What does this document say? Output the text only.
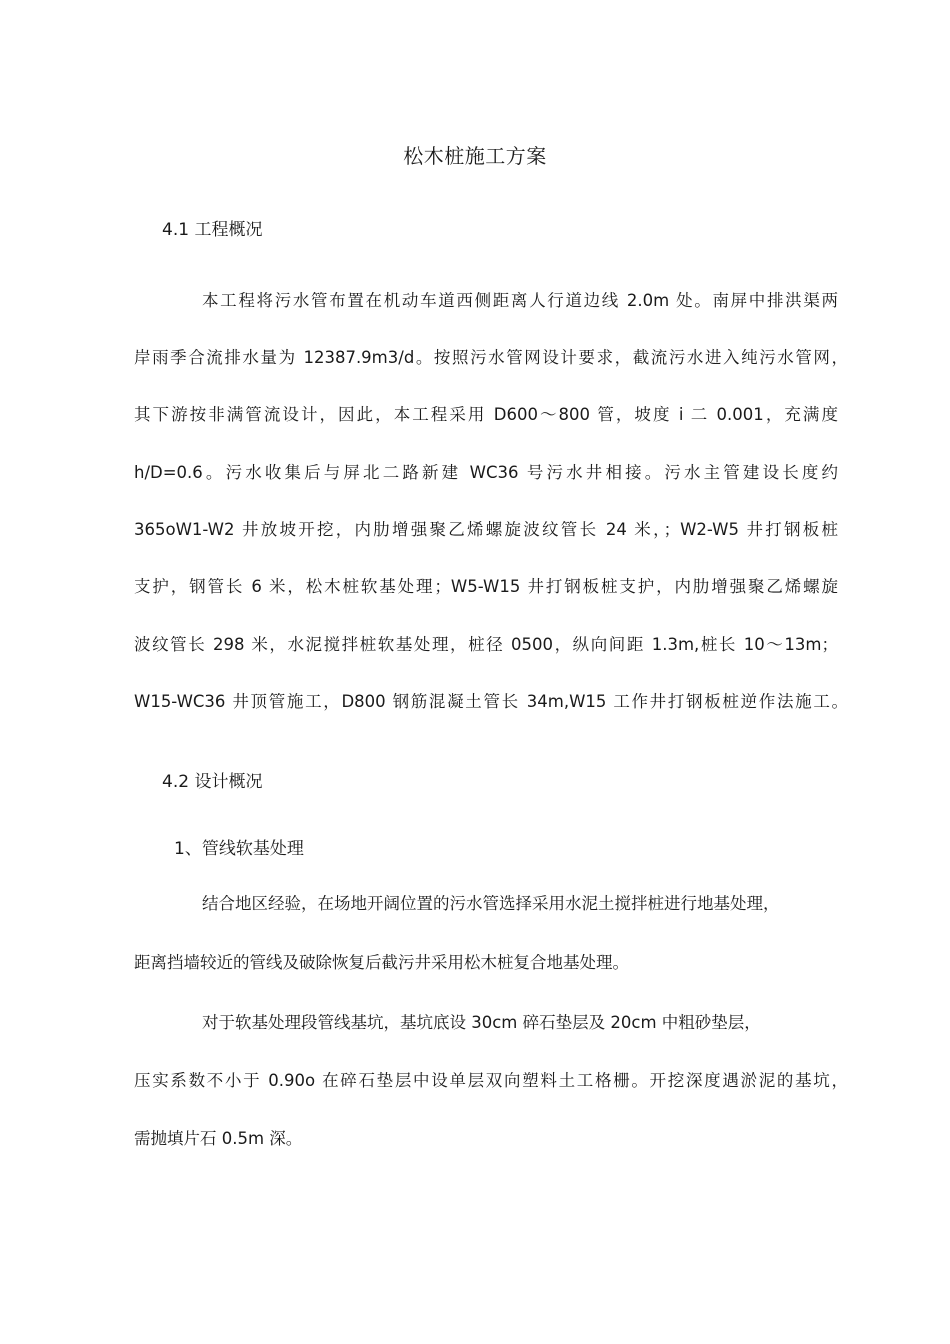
松木桩施工方案
4.1 工程概况
本工程将污水管布置在机动车道西侧距离人行道边线 2.0m 处。南屏中排洪渠两
岸雨季合流排水量为 12387.9m3/d。按照污水管网设计要求，截流污水进入纯污水管网，
其下游按非满管流设计，因此，本工程采用 D600〜800 管，坡度 i 二 0.001，充满度
h/D=0.6。污水收集后与屏北二路新建 WC36 号污水井相接。污水主管建设长度约
365oW1-W2 井放坡开挖，内肋增强聚乙烯螺旋波纹管长 24 米，；W2-W5 井打钢板桩
支护，钢管长 6 米，松木桩软基处理；W5-W15 井打钢板桩支护，内肋增强聚乙烯螺旋
波纹管长 298 米，水泥搅拌桩软基处理，桩径 0500，纵向间距 1.3m,桩长 10〜13m；
W15-WC36 井顶管施工，D800 钢筋混凝土管长 34m,W15 工作井打钢板桩逆作法施工。
4.2 设计概况
1、管线软基处理
结合地区经验，在场地开阔位置的污水管选择采用水泥土搅拌桩进行地基处理，
距离挡墙较近的管线及破除恢复后截污井采用松木桩复合地基处理。
对于软基处理段管线基坑，基坑底设 30cm 碎石垫层及 20cm 中粗砂垫层，
压实系数不小于 0.90o 在碎石垫层中设单层双向塑料土工格栅。开挖深度遇淤泥的基坑，
需抛填片石 0.5m 深。
